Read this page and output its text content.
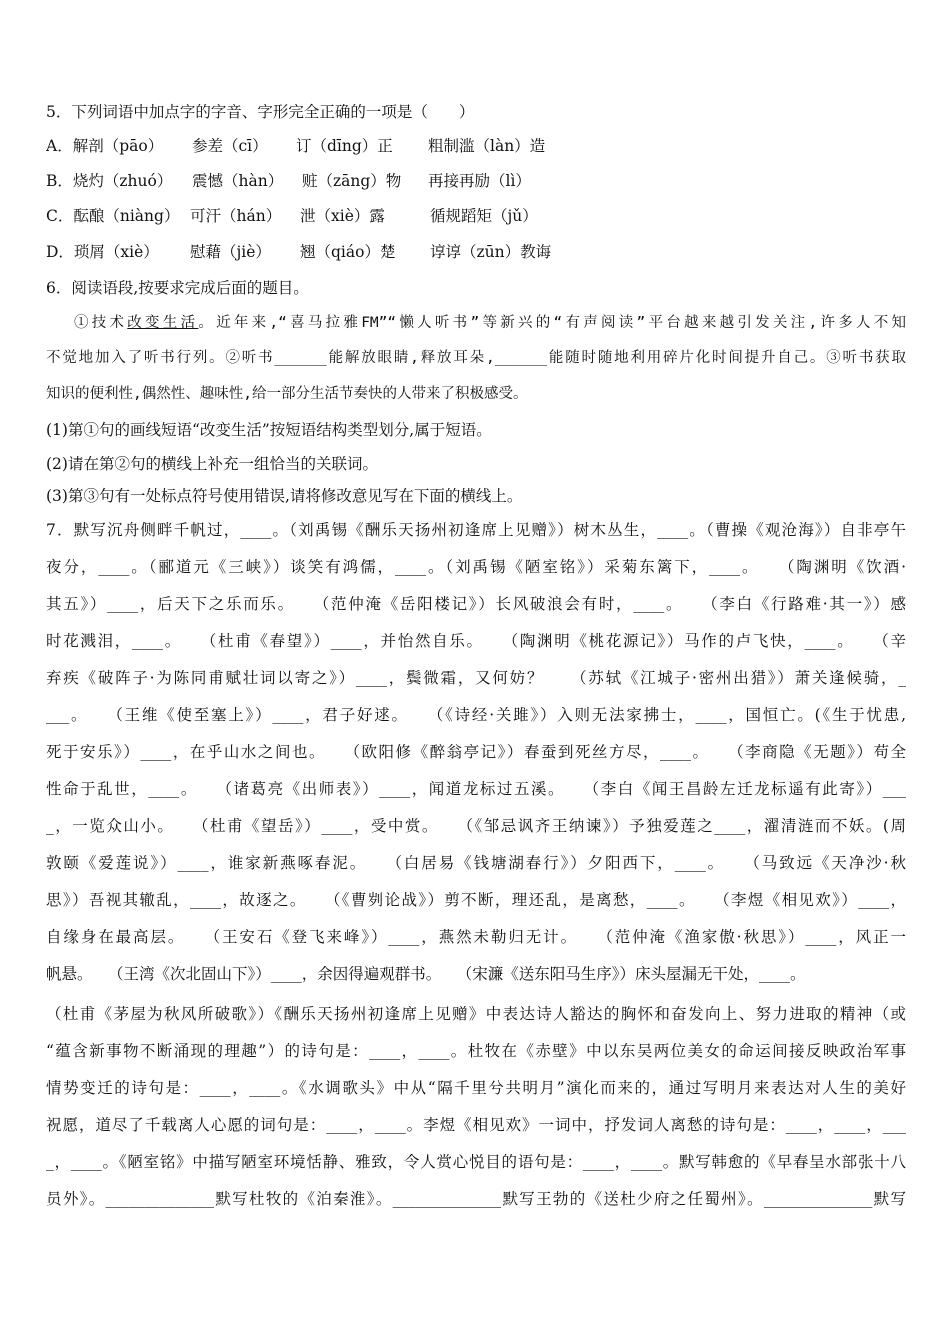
5．下列词语中加点字的字音、字形完全正确的一项是（　　）
A．解剖（pāo） 参差（cī） 订（dīng）正 粗制滥（làn）造
B．烧灼（zhuó） 震憾（hàn） 赃（zāng）物 再接再励（lì）
C．酝酿（niàng） 可汗（hán） 泄（xiè）露	循规蹈矩（jǔ）
D．琐屑（xiè） 慰藉（jiè） 翘（qiáo）楚 谆谆（zūn）教诲
6．阅读语段,按要求完成后面的题目。
①技术改变生活。近年来,“喜马拉雅FM”“懒人听书”等新兴的“有声阅读”平台越来越引发关注,许多人不知
不觉地加入了听书行列。②听书______能解放眼睛,释放耳朵,______能随时随地利用碎片化时间提升自己。③听书获取
知识的便利性,偶然性、趣味性,给一部分生活节奏快的人带来了积极感受。
(1)第①句的画线短语“改变生活”按短语结构类型划分,属于短语。
(2)请在第②句的横线上补充一组恰当的关联词。
(3)第③句有一处标点符号使用错误,请将修改意见写在下面的横线上。
7．默写沉舟侧畔千帆过，____。（刘禹锡《酬乐天扬州初逢席上见赠》）树木丛生，____。（曹操《观沧海》）自非亭午
夜分，____。（郦道元《三峡》）谈笑有鸿儒，____。（刘禹锡《陋室铭》）采菊东篱下，____。　　（陶渊明《饮酒·
其五》）____，后天下之乐而乐。　　（范仲淹《岳阳楼记》）长风破浪会有时，____。　　（李白《行路难·其一》）感
时花溅泪，____。　　（杜甫《春望》）____，并怡然自乐。　　（陶渊明《桃花源记》）马作的卢飞快，____。　　（辛
弃疾《破阵子·为陈同甫赋壮词以寄之》）____，鬓微霜，又何妨？　　（苏轼《江城子·密州出猎》）萧关逢候骑，_
___。　　（王维《使至塞上》）____，君子好逑。　　（《诗经·关雎》）入则无法家拂士，____，国恒亡。(《生于忧患,
死于安乐》）____，在乎山水之间也。　　（欧阳修《醉翁亭记》）春蚕到死丝方尽，____。　　（李商隐《无题》）苟全
性命于乱世，____。　　（诸葛亮《出师表》）____，闻道龙标过五溪。　　（李白《闻王昌龄左迁龙标遥有此寄》）___
_，一览众山小。　　（杜甫《望岳》）____，受中赏。　　（《邹忌讽齐王纳谏》）予独爱莲之____，濯清涟而不妖。(周
敦颐《爱莲说》）____，谁家新燕啄春泥。　　（白居易《钱塘湖春行》）夕阳西下，____。　　（马致远《天净沙·秋
思》）吾视其辙乱，____，故逐之。　　（《曹刿论战》）剪不断，理还乱，是离愁，____。　　（李煜《相见欢》）____，
自缘身在最高层。　　（王安石《登飞来峰》）____，燕然未勒归无计。　　（范仲淹《渔家傲·秋思》）____，风正一
帆悬。　　（王湾《次北固山下》）____，余因得遍观群书。　　（宋濂《送东阳马生序》）床头屋漏无干处，____。
（杜甫《茅屋为秋风所破歌》）《酬乐天扬州初逢席上见赠》中表达诗人豁达的胸怀和奋发向上、努力进取的精神（或
“蕴含新事物不断涌现的理趣”）的诗句是：____，____。杜牧在《赤壁》中以东吴两位美女的命运间接反映政治军事
情势变迁的诗句是：____，____。《水调歌头》中从“隔千里兮共明月”演化而来的，通过写明月来表达对人生的美好
祝愿，道尽了千载离人心愿的词句是：____，____。李煜《相见欢》一词中，抒发词人离愁的诗句是：____，____，___
_，____。《陋室铭》中描写陋室环境恬静、雅致，令人赏心悦目的语句是：____，____。默写韩愈的《早春呈水部张十八
员外》。______________默写杜牧的《泊秦淮》。______________默写王勃的《送杜少府之任蜀州》。______________默写
